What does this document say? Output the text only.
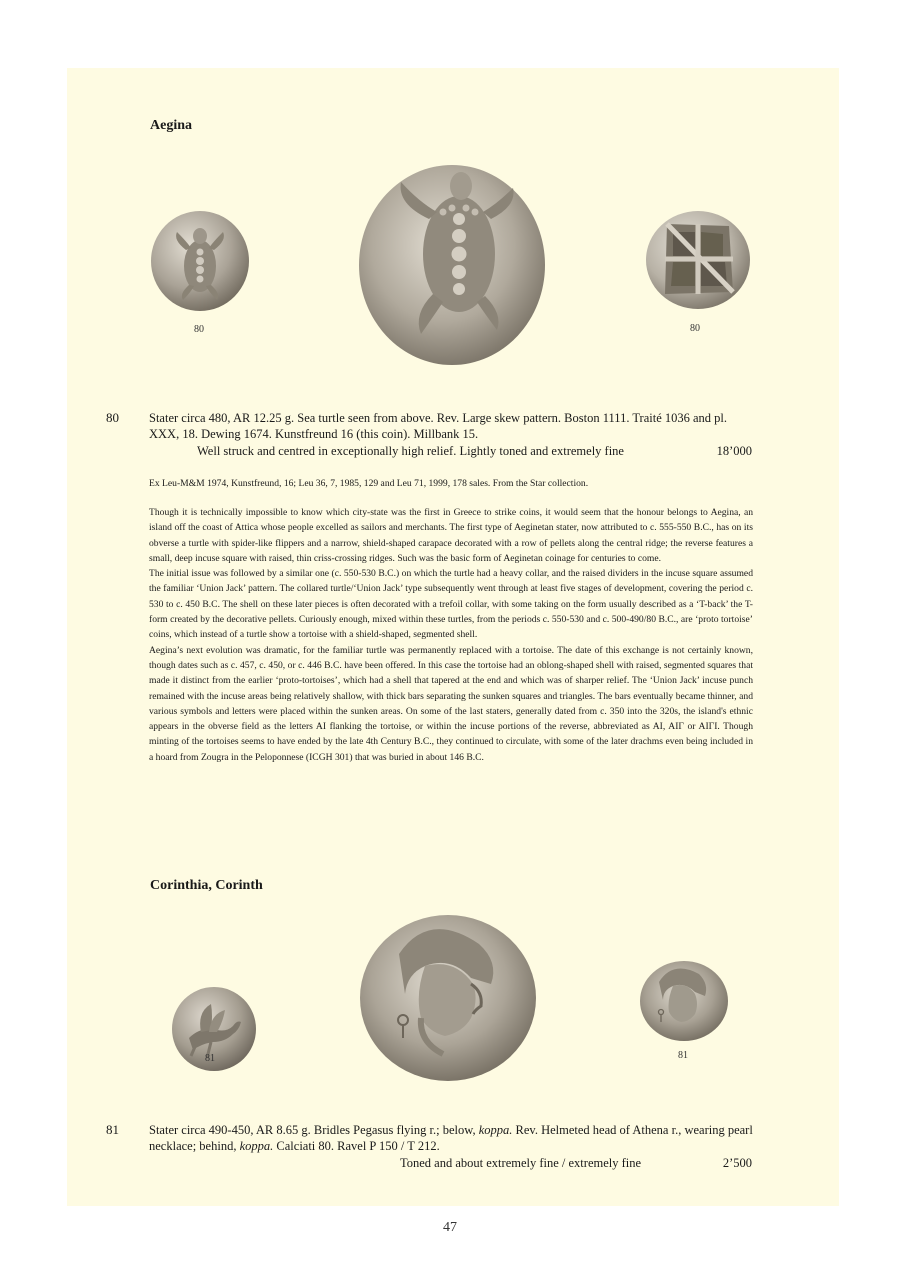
Aegina
80	80
80 Stater circa 480, AR 12.25 g. Sea turtle seen from above. Rev. Large skew pattern. Boston 1111. Traité 1036 and pl. XXX, 18. Dewing 1674. Kunstfreund 16 (this coin). Millbank 15.
Well struck and centred in exceptionally high relief. Lightly toned and extremely fine	18’000
Ex Leu-M&M 1974, Kunstfreund, 16; Leu 36, 7, 1985, 129 and Leu 71, 1999, 178 sales. From the Star collection.

Though it is technically impossible to know which city-state was the first in Greece to strike coins, it would seem that the honour belongs to Aegina, an island off the coast of Attica whose people excelled as sailors and merchants. The first type of Aeginetan stater, now attributed to c. 555-550 B.C., has on its obverse a turtle with spider-like flippers and a narrow, shield-shaped carapace decorated with a row of pellets along the central ridge; the reverse features a small, deep incuse square with raised, thin criss-crossing ridges. Such was the basic form of Aeginetan coinage for centuries to come.

The initial issue was followed by a similar one (c. 550-530 B.C.) on which the turtle had a heavy collar, and the raised dividers in the incuse square assumed the familiar ‘Union Jack’ pattern. The collared turtle/‘Union Jack’ type subsequently went through at least five stages of development, covering the period c. 530 to c. 450 B.C. The shell on these later pieces is often decorated with a trefoil collar, with some taking on the form usually described as a ‘T-back’ the T-form created by the decorative pellets. Curiously enough, mixed within these turtles, from the periods c. 550-530 and c. 500-490/80 B.C., are ‘proto tortoise’ coins, which instead of a turtle show a tortoise with a shield-shaped, segmented shell.

Aegina’s next evolution was dramatic, for the familiar turtle was permanently replaced with a tortoise. The date of this exchange is not certainly known, though dates such as c. 457, c. 450, or c. 446 B.C. have been offered. In this case the tortoise had an oblong-shaped shell with raised, segmented squares that made it distinct from the earlier ‘proto-tortoises’, which had a shell that tapered at the end and which was of sharper relief. The ‘Union Jack’ incuse punch remained with the incuse areas being relatively shallow, with thick bars separating the sunken squares and triangles. The bars eventually became thinner, and various symbols and letters were placed within the sunken areas. On some of the last staters, generally dated from c. 350 into the 320s, the island's ethnic appears in the obverse field as the letters AI flanking the tortoise, or within the incuse portions of the reverse, abbreviated as AI, AIΓ or AIΓI. Though minting of the tortoises seems to have ended by the late 4th Century B.C., they continued to circulate, with some of the later drachms even being included in a hoard from Zougra in the Peloponnese (ICGH 301) that was buried in about 146 B.C.

Corinthia, Corinth
81	81
81 Stater circa 490-450, AR 8.65 g. Bridles Pegasus flying r.; below, koppa. Rev. Helmeted head of Athena r., wearing pearl necklace; behind, koppa. Calciati 80. Ravel P 150 / T 212.
Toned and about extremely fine / extremely fine	2’500
47
